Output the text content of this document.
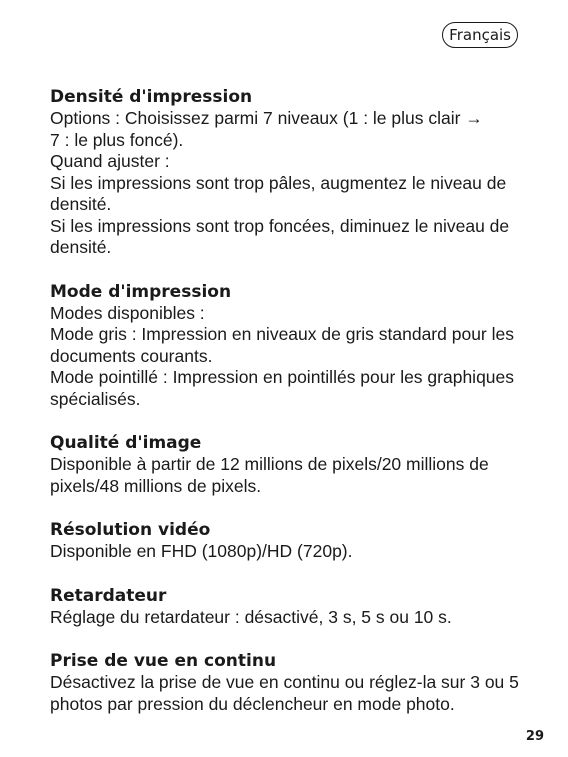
Français

Densité d'impression

Options : Choisissez parmi 7 niveaux (1 : le plus clair →

7 : le plus foncé).

Quand ajuster :

Si les impressions sont trop pâles, augmentez le niveau de

densité.

Si les impressions sont trop foncées, diminuez le niveau de

densité.

Mode d'impression

Modes disponibles :

Mode gris : Impression en niveaux de gris standard pour les

documents courants.

Mode pointillé : Impression en pointillés pour les graphiques

spécialisés.

Qualité d'image

Disponible à partir de 12 millions de pixels/20 millions de

pixels/48 millions de pixels.

Résolution vidéo

Disponible en FHD (1080p)/HD (720p).

Retardateur

Réglage du retardateur : désactivé, 3 s, 5 s ou 10 s.

Prise de vue en continu

Désactivez la prise de vue en continu ou réglez-la sur 3 ou 5

photos par pression du déclencheur en mode photo.

29
